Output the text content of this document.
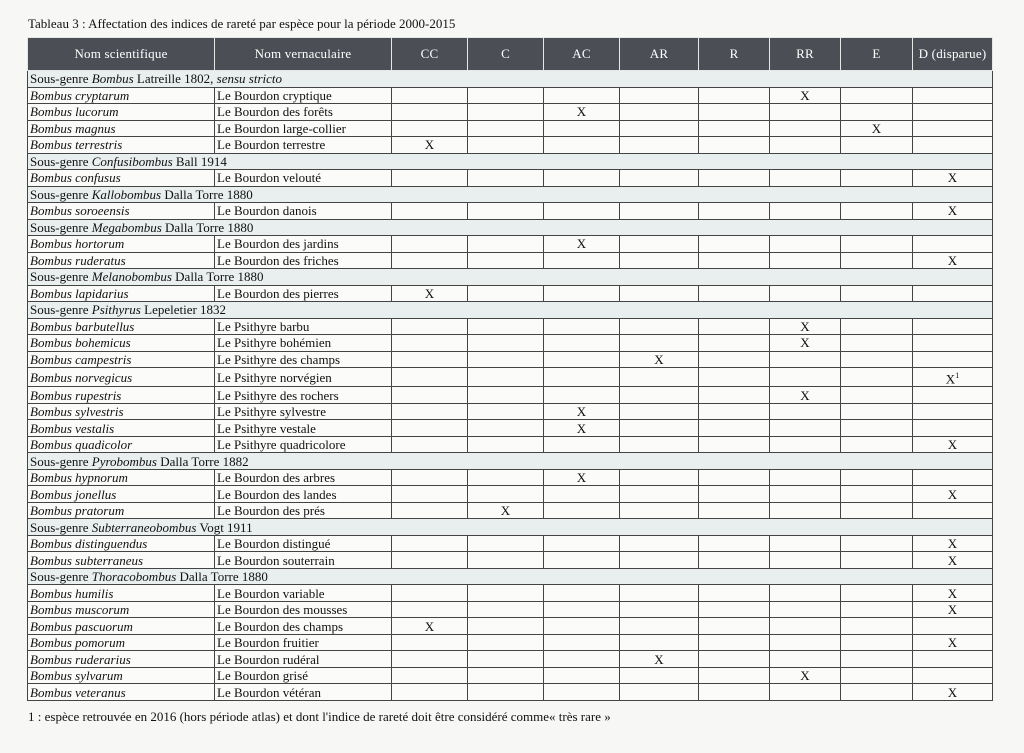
Tableau 3 : Affectation des indices de rareté par espèce pour la période 2000-2015
Nom scientifique	Nom vernaculaire	CC	C	AC	AR	R	RR	E	D (disparue)
Sous-genre Bombus Latreille 1802, sensu stricto									
Bombus cryptarum	Le Bourdon cryptique						X		
Bombus lucorum	Le Bourdon des forêts			X					
Bombus magnus	Le Bourdon large-collier							X	
Bombus terrestris	Le Bourdon terrestre	X							
Sous-genre Confusibombus Ball 1914									
Bombus confusus	Le Bourdon velouté								X
Sous-genre Kallobombus Dalla Torre 1880									
Bombus soroeensis	Le Bourdon danois								X
Sous-genre Megabombus Dalla Torre 1880									
Bombus hortorum	Le Bourdon des jardins			X					
Bombus ruderatus	Le Bourdon des friches								X
Sous-genre Melanobombus Dalla Torre 1880									
Bombus lapidarius	Le Bourdon des pierres	X							
Sous-genre Psithyrus Lepeletier 1832									
Bombus barbutellus	Le Psithyre barbu						X		
Bombus bohemicus	Le Psithyre bohémien						X		
Bombus campestris	Le Psithyre des champs				X				
Bombus norvegicus	Le Psithyre norvégien								$X^1$
Bombus rupestris	Le Psithyre des rochers						X		
Bombus sylvestris	Le Psithyre sylvestre			X					
Bombus vestalis	Le Psithyre vestale			X					
Bombus quadicolor	Le Psithyre quadricolore								X
Sous-genre Pyrobombus Dalla Torre 1882									
Bombus hypnorum	Le Bourdon des arbres			X					
Bombus jonellus	Le Bourdon des landes								X
Bombus pratorum	Le Bourdon des prés		X						
Sous-genre Subterraneobombus Vogt 1911									
Bombus distinguendus	Le Bourdon distingué								X
Bombus subterraneus	Le Bourdon souterrain								X
Sous-genre Thoracobombus Dalla Torre 1880									
Bombus humilis	Le Bourdon variable								X
Bombus muscorum	Le Bourdon des mousses								X
Bombus pascuorum	Le Bourdon des champs	X							
Bombus pomorum	Le Bourdon fruitier								X
Bombus ruderarius	Le Bourdon rudéral				X				
Bombus sylvarum	Le Bourdon grisé						X		
Bombus veteranus	Le Bourdon vétéran								X
1 : espèce retrouvée en 2016 (hors période atlas) et dont l'indice de rareté doit être considéré comme« très rare »
